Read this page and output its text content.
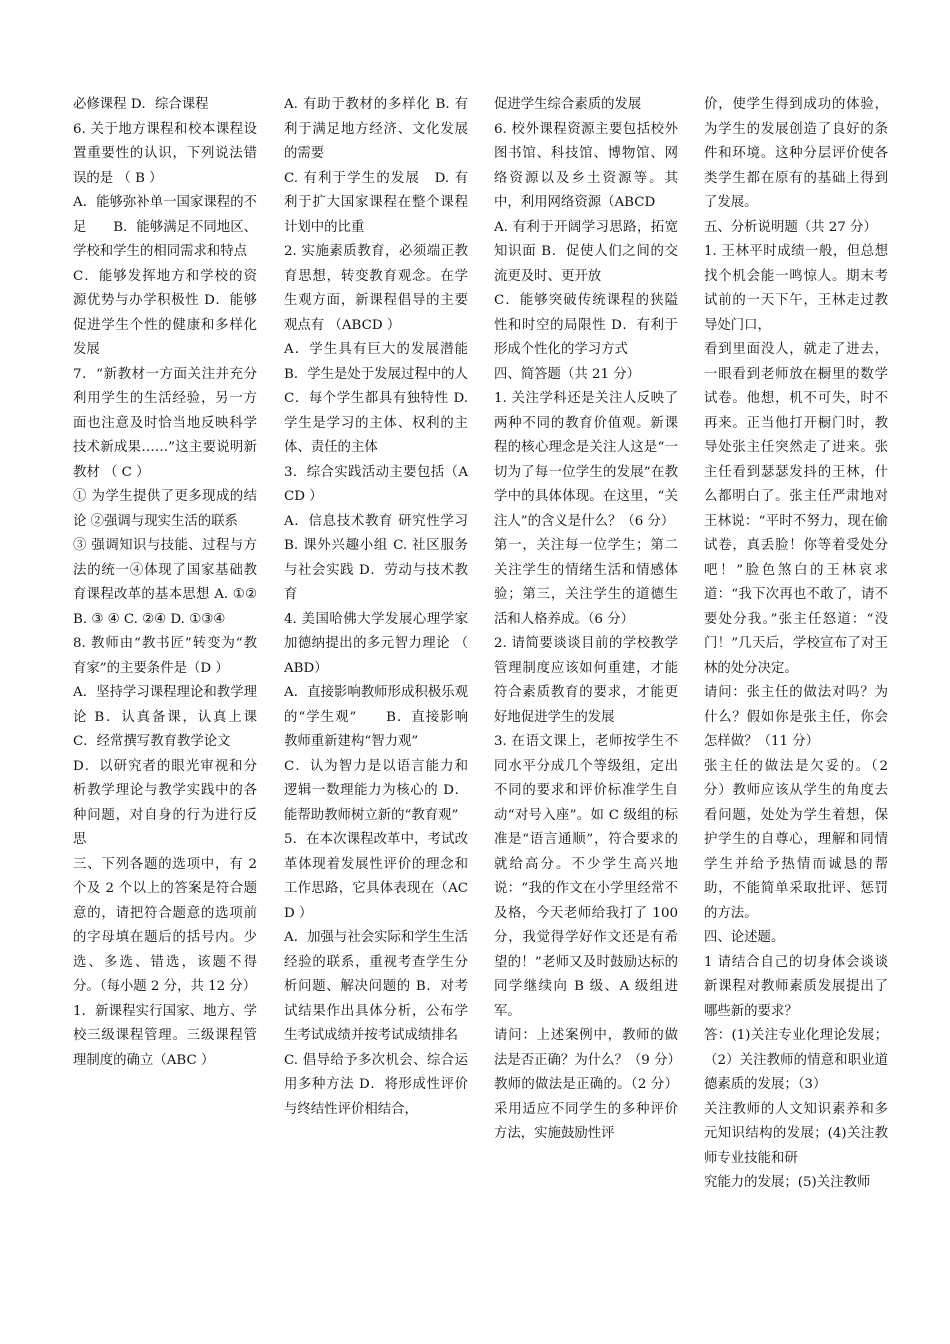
必修课程 D．综合课程

6. 关于地方课程和校本课程设置重要性的认识，下列说法错误的是 （ B ）

A．能够弥补单一国家课程的不足　　B．能够满足不同地区、学校和学生的相同需求和特点

C．能够发挥地方和学校的资源优势与办学积极性 D．能够促进学生个性的健康和多样化发展

7．“新教材一方面关注并充分利用学生的生活经验，另一方面也注意及时恰当地反映科学技术新成果……”这主要说明新教材 （ C ）

① 为学生提供了更多现成的结 论 ②强调与现实生活的联系

③ 强调知识与技能、过程与方法的统一④体现了国家基础教育课程改革的基本思想 A. ①② B. ③ ④ C. ②④ D. ①③④

8. 教师由“教书匠”转变为“教育家”的主要条件是（D ）

A．坚持学习课程理论和教学理论 B．认真备课，认真上课 C．经常撰写教育教学论文

D．以研究者的眼光审视和分析教学理论与教学实践中的各种问题，对自身的行为进行反思

三、下列各题的选项中，有 2 个及 2 个以上的答案是符合题意的，请把符合题意的选项前的字母填在题后的括号内。少选、多选、错选，该题不得分。（每小题 2 分，共 12 分）

1．新课程实行国家、地方、学校三级课程管理。三级课程管理制度的确立（ABC ）

A. 有助于教材的多样化 B. 有利于满足地方经济、文化发展的需要

C. 有利于学生的发展　D. 有利于扩大国家课程在整个课程计划中的比重

2. 实施素质教育，必须端正教育思想，转变教育观念。在学生观方面，新课程倡导的主要观点有 （ABCD ）

A．学生具有巨大的发展潜能 B．学生是处于发展过程中的人

C．每个学生都具有独特性 D. 学生是学习的主体、权利的主体、责任的主体

3．综合实践活动主要包括（ACD ）

A．信息技术教育 研究性学习 B. 课外兴趣小组 C. 社区服务与社会实践 D．劳动与技术教育

4. 美国哈佛大学发展心理学家加德纳提出的多元智力理论 （ ABD）

A．直接影响教师形成积极乐观的“学生观”　　B．直接影响教师重新建构“智力观”

C．认为智力是以语言能力和逻辑一数理能力为核心的 D．能帮助教师树立新的“教育观”

5．在本次课程改革中，考试改革体现着发展性评价的理念和工作思路，它具体表现在（ACD ）

A．加强与社会实际和学生生活经验的联系，重视考查学生分析问题、解决问题的 B．对考试结果作出具体分析，公布学生考试成绩并按考试成绩排名

C. 倡导给予多次机会、综合运用多种方法 D．将形成性评价与终结性评价相结合，

促进学生综合素质的发展

6. 校外课程资源主要包括校外图书馆、科技馆、博物馆、网络资源以及乡土资源等。其中，利用网络资源（ABCD

A. 有利于开阔学习思路，拓宽知识面 B．促使人们之间的交流更及时、更开放

C．能够突破传统课程的狭隘性和时空的局限性 D．有利于形成个性化的学习方式

四、简答题（共 21 分）

1. 关注学科还是关注人反映了两种不同的教育价值观。新课程的核心理念是关注人这是“一切为了每一位学生的发展”在教学中的具体体现。在这里，“关注人”的含义是什么？（6 分）

第一，关注每一位学生；第二关注学生的情绪生活和情感体验；第三，关注学生的道德生活和人格养成。（6 分）

2. 请简要谈谈目前的学校教学管理制度应该如何重建，才能符合素质教育的要求，才能更好地促进学生的发展

3. 在语文课上，老师按学生不同水平分成几个等级组，定出不同的要求和评价标准学生自动“对号入座”。如 C 级组的标准是“语言通顺”，符合要求的就给高分。不少学生高兴地说：“我的作文在小学里经常不及格，今天老师给我打了 100 分，我觉得学好作文还是有希望的！”老师又及时鼓励达标的同学继续向 B 级、A 级组进军。

请问：上述案例中，教师的做法是否正确？为什么？（9 分）

教师的做法是正确的。（2 分）采用适应不同学生的多种评价方法，实施鼓励性评

价，使学生得到成功的体验，为学生的发展创造了良好的条件和环境。这种分层评价使各类学生都在原有的基础上得到了发展。

五、分析说明题（共 27 分）

1. 王林平时成绩一般，但总想找个机会能一鸣惊人。期末考试前的一天下午，王林走过教导处门口，

看到里面没人，就走了进去，一眼看到老师放在橱里的数学试卷。他想，机不可失，时不再来。正当他打开橱门时，教导处张主任突然走了进来。张主任看到瑟瑟发抖的王林，什么都明白了。张主任严肃地对王林说：“平时不努力，现在偷试卷，真丢脸！你等着受处分吧！”脸色煞白的王林哀求道：“我下次再也不敢了，请不要处分我。”张主任怒道：“没门！”几天后，学校宣布了对王林的处分决定。

请问：张主任的做法对吗？为什么？假如你是张主任，你会怎样做？（11 分）

张主任的做法是欠妥的。（2 分）教师应该从学生的角度去看问题，处处为学生着想，保护学生的自尊心，理解和同情学生并给予热情而诚恳的帮助，不能简单采取批评、惩罚的方法。

四、论述题。

1 请结合自己的切身体会谈谈新课程对教师素质发展提出了哪些新的要求？

答：(1)关注专业化理论发展；（2）关注教师的情意和职业道德素质的发展；（3）

关注教师的人文知识素养和多元知识结构的发展；(4)关注教师专业技能和研

究能力的发展；(5)关注教师
